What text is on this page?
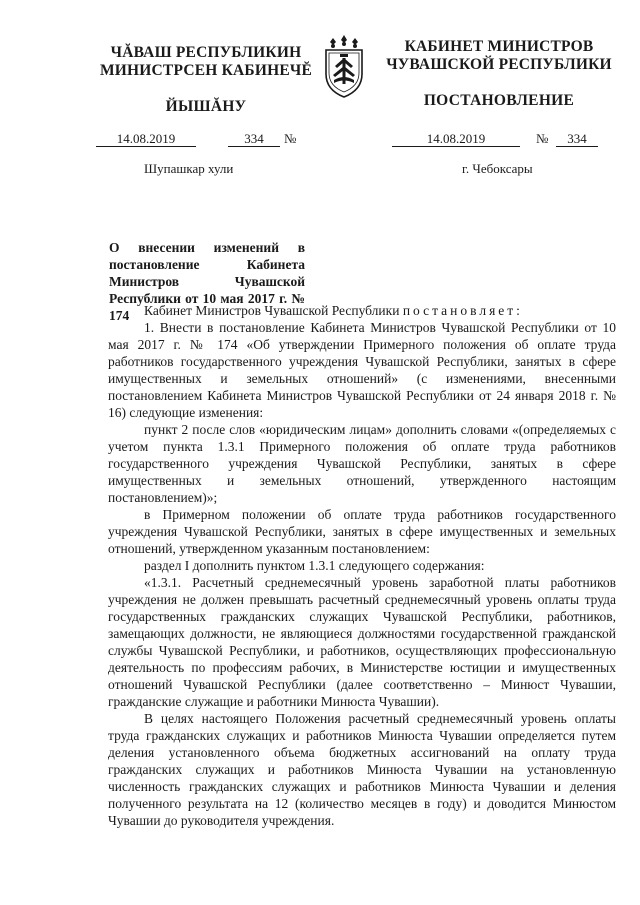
ЧĂВАШ РЕСПУБЛИКИН
МИНИСТРСЕН КАБИНЕЧĔ
ЙЫШĂНУ
КАБИНЕТ МИНИСТРОВ
ЧУВАШСКОЙ РЕСПУБЛИКИ
ПОСТАНОВЛЕНИЕ
14.08.2019	334	№	14.08.2019	№	334
Шупашкар хули	г. Чебоксары
О внесении изменений в постановление Кабинета Министров Чувашской Республики от 10 мая 2017 г. № 174	Кабинет Министров Чувашской Республики постановляет:

1. Внести в постановление Кабинета Министров Чувашской Республики от 10 мая 2017 г. № 174 «Об утверждении Примерного положения об оплате труда работников государственного учреждения Чувашской Республики, занятых в сфере имущественных и земельных отношений» (с изменениями, внесенными постановлением Кабинета Министров Чувашской Республики от 24 января 2018 г. № 16) следующие изменения:

пункт 2 после слов «юридическим лицам» дополнить словами «(определяемых с учетом пункта 1.3.1 Примерного положения об оплате труда работников государственного учреждения Чувашской Республики, занятых в сфере имущественных и земельных отношений, утвержденного настоящим постановлением)»;

в Примерном положении об оплате труда работников государственного учреждения Чувашской Республики, занятых в сфере имущественных и земельных отношений, утвержденном указанным постановлением:

раздел I дополнить пунктом 1.3.1 следующего содержания:

«1.3.1. Расчетный среднемесячный уровень заработной платы работников учреждения не должен превышать расчетный среднемесячный уровень оплаты труда государственных гражданских служащих Чувашской Республики, работников, замещающих должности, не являющиеся должностями государственной гражданской службы Чувашской Республики, и работников, осуществляющих профессиональную деятельность по профессиям рабочих, в Министерстве юстиции и имущественных отношений Чувашской Республики (далее соответственно – Минюст Чувашии, гражданские служащие и работники Минюста Чувашии).

В целях настоящего Положения расчетный среднемесячный уровень оплаты труда гражданских служащих и работников Минюста Чувашии определяется путем деления установленного объема бюджетных ассигнований на оплату труда гражданских служащих и работников Минюста Чувашии на установленную численность гражданских служащих и работников Минюста Чувашии и деления полученного результата на 12 (количество месяцев в году) и доводится Минюстом Чувашии до руководителя учреждения.
